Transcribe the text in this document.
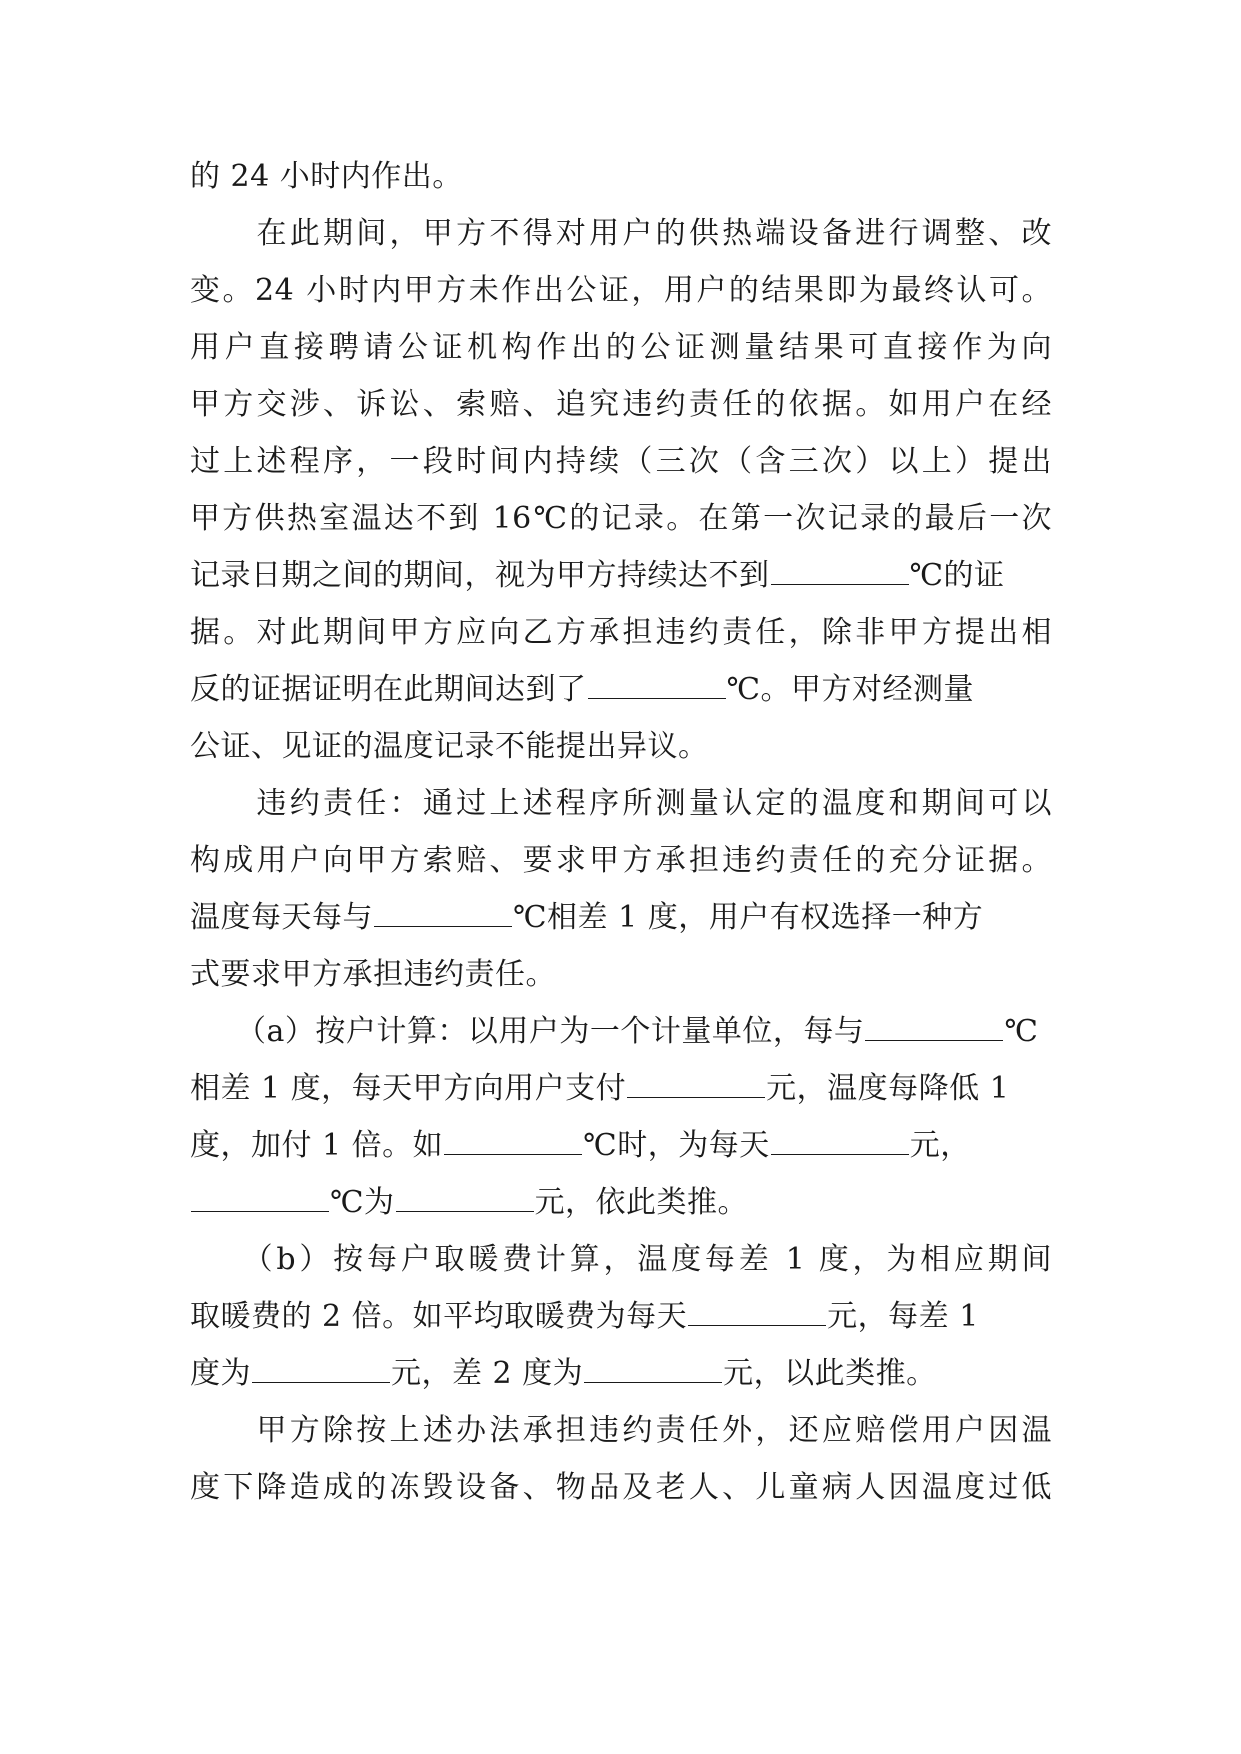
的 24 小时内作出。
　　在此期间，甲方不得对用户的供热端设备进行调整、改
变。24 小时内甲方未作出公证，用户的结果即为最终认可。
用户直接聘请公证机构作出的公证测量结果可直接作为向
甲方交涉、诉讼、索赔、追究违约责任的依据。如用户在经
过上述程序，一段时间内持续（三次（含三次）以上）提出
甲方供热室温达不到 16℃的记录。在第一次记录的最后一次
记录日期之间的期间，视为甲方持续达不到	℃的证
据。对此期间甲方应向乙方承担违约责任，除非甲方提出相
反的证据证明在此期间达到了	℃。甲方对经测量
公证、见证的温度记录不能提出异议。
　　违约责任：通过上述程序所测量认定的温度和期间可以
构成用户向甲方索赔、要求甲方承担违约责任的充分证据。
温度每天每与	℃相差 1 度，用户有权选择一种方
式要求甲方承担违约责任。
　　（a）按户计算：以用户为一个计量单位，每与	℃
相差 1 度，每天甲方向用户支付	元，温度每降低 1
度，加付 1 倍。如	℃时，为每天	元，
℃为	元，依此类推。
　　（b）按每户取暖费计算，温度每差 1 度，为相应期间
取暖费的 2 倍。如平均取暖费为每天	元，每差 1
度为	元，差 2 度为	元，以此类推。
　　甲方除按上述办法承担违约责任外，还应赔偿用户因温
度下降造成的冻毁设备、物品及老人、儿童病人因温度过低
